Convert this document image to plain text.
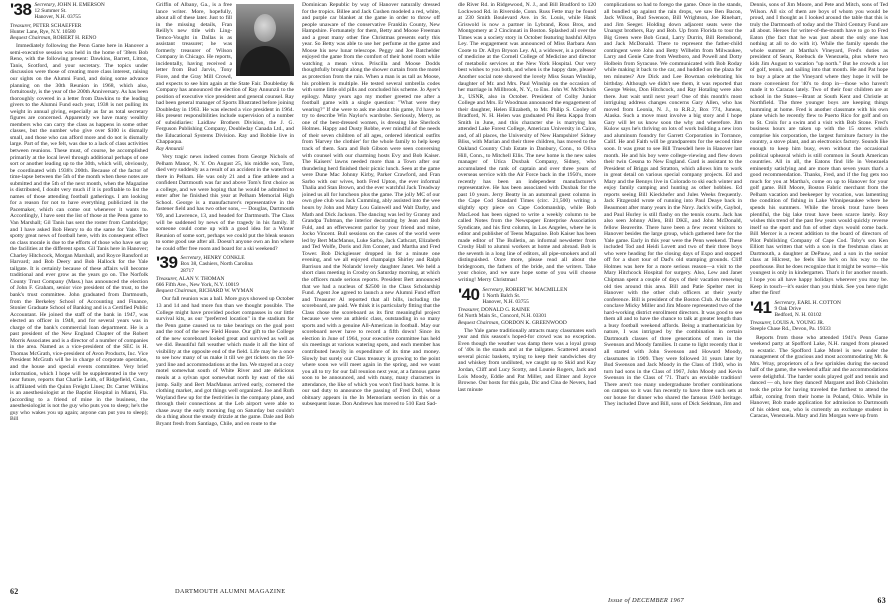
'38 Secretary, JOHN H. EMERSON
12 Summer St.
Hanover, N.H. 03755
Treasurer, PETER SCHAEFFER
Hunter Lane, Rye, N.Y. 10580
Bequest Chairman, ROBERT H. RENO

Immediately following the Penn Game here in Hanover a semi-executive session was held in the home of '38ers Bob Reno, with the following present: Dawkins, Barrett, Litton, Tanis, Scotford, and your secretary. The topics under discussion were those of creating more class interest, raising our sights on the Alumni Fund, and doing some advance planning on the 30th Reunion in 1968, which also, fortuitously, is the year of the 200th Anniversary. As has been thoroughly covered in a letter from Dawkins to the leading givers to the Alumni Fund each year, 1938 is not pulling its weight in annual giving, especially as far as total secretary figures are concerned. Apparently we have many wealthy members who can carry the class as happens in some other classes, but the number who give over $100 is dismally small, and those who can afford more and do not is dismally large. Part of the, we felt, was due to a lack of class activities between reunions. These must, of course, be accomplished primarily at the local level through additional perhaps of one sort or another leading up to the 30th, which will, obviously, be coordinated with 1938's 200th. Because of the factor of time-lapse between the 5th of the month when these notes are submitted and the 5th of the next month, when the Magazine is distributed, I doubt very much if it is profitable to list the names of those attending football gatherings. I am looking for a reason for not to have everything publicized in the Pacemaker, which can come out whenever it wants to. Accordingly, I have sent the list of those at the Penn game to Van Marshall; Gil Tanis has sent the roster from Cambridge; and I have asked Bob Henry to do the same for Yale. The spotty great news of football here, with its consequent effect on class morale is due to the efforts of those who have set up the facilities at the different spots. Gil Tanis here in Hanover; Charley Hitchcock, Morgan Marshall, and Royce Ransford at Harvard; and Bob Deery and Bob Hallock for the Yale tailgate. It is certainly because of these affairs will become traditional and ever grow as the years go on. The Norfolk County Trust Company (Mass.) has announced the election of John F. Graham, senior vice president of the trust, to the bank's trust committee. John graduated from Dartmouth, from the Berkeley School of Accounting and Finance, Stonier Graduate School of Banking and is a Certified Public Accountant. He joined the staff of the bank in 1947, was elected an officer in 1948, and for several years was in charge of the bank's commercial loan department. He is a past president of the New England Chapter of the Robert Morris Associates and is a director of a number of companies in the area. Named as a vice-president of the SEC is H. Thomas McGrath, vice-president of Avon Products, Inc. Vice President McGrath will be in charge of corporate operation, and the house and special events committee. Very brief information, which I hope will be supplemented in the very near future, reports that Charlie Leith, of Ridgefield, Conn., is affiliated with the Quinn Freight Lines; Dr. Carter Wilkins is an anesthesiologist at the Baptist Hospital in Miami, Fla. (according to a friend of mine in the business, the anesthesiologist is not the guy who puts you to sleep; he's the guy who wakes you up again; anyone can put you to sleep); Bill

Griffin of Albany, Ga., is a free lance writer. More, hopefully, about all of these later. Just to fill in the missing details, Fran Reilly's new title with Ling-Temco-Vought in Dallas is as assistant treasurer; he was formerly treasurer of Wilson Company in Chicago. He reports, incidentally, having received a letter from Bud Jarvis, Tony Fiore, and the Gray Mill Crowd, and expects to see him again at the State Fair. Doubleday & Company has announced the election of Ray Annunzii to the position of executive vice president and general counsel. Ray had been general manager of Sports Illustrated before joining Doubleday in 1963. He was elected a vice president in 1964. His present responsibilities include supervision of a number of subsidiaries: Laidlaw Brothers Division, the J. G. Ferguson Publishing Company, Doubleday Canada Ltd., and the Educational Systems Division. Ray and Bobbie live in Chappaqua.

Ray Annunzii

Very tragic news indeed comes from George Nichols of Pelham Manor, N. Y. On August 25, his middle son, Tom, died very suddenly as a result of an accident in the waterfront there in Pelham. He was only 21 and a fine athlete and a confident Dartmouth was far and above Tom's first choice as a college, and we were hoping that he would be admitted to enter after he finished this year at Pelham Memorial High School. George is a manufacturer's representative in the fastener field and has two other sons, — Douglas, Dartmouth '69, and Lawrence, 13, and headed for Dartmouth. The Class will be saddened by news of the tragedy in his family. If someone could come up with a good idea for a Winter Reunion of some sort, perhaps we could put the bleak season to some good use after all. Doesn't anyone own an Inn where he could offer free room and board for a ski weekend?

'39 Secretary, HENRY CONKLE
Box 38, Cashiers, North Carolina
28717
Treasurer, ALAN V. THOMAN
666 Fifth Ave., New York, N.Y. 10019
Bequest Chairman, RICHARD W. WYMAN

Our fall reunion was a ball. More guys showed up October 13 and 14 and had more fun than we thought possible. The College might have provided pocket compasses in our little survival kits, as our "preferred location" in the stadium for the Penn game caused us to take bearings on the goal post and the roof of the new Field House. Our gift to the College of the new scoreboard looked great and survived as well as we did. Beautiful fall weather which made it all the hint of visibility at the opposite end of the field. Life may be a once to see how many of us make it till we get tickets on the 50-yard line and accommodations at the Inn. We stayed at a cozy motel somewhat south of White River and ate delicious meals at a sylvan spot somewhat north by east of the ski jump. Sally and Bert MacManus arrived early, cornered the clothing market, and got things well organized. Joe and Ruth Wayland flew up for the festivities in the company plane, and through their connections at the Leb airport were able to chase away the early morning fog on Saturday but couldn't do a thing about the steady drizzle at the game. Dale and Bob Bryant fresh from Santiago, Chile, and en route to the

Dominican Republic by way of Hanover naturally dressed for the tropics. Billee and Jack Cushen modeled a red, white, and purple car blanket at the game in order to throw off people unaware of the conservative Franklin County, New Hampshire. Fortunately for them, Betty and Moose Freeman and a great many other fine Christmas presents early this year. So Betty was able to use her perfume at the game and Moose his new lunar telescope. Peggy and Joe Batchelder enjoyed the game from the comfort of their hotel room while watching a mean virus. Priscilla and Moose Dodds thoughtfully brought along the shower curtain from the motel as protection from the rain. When a man is as tall as Moose, his problem is multiple. He tested several umbrella codes with some little old pills and concluded his scheme. Jo Ayer's epilogy. Many years ago my mother greeted me after a football game with a single question: "What were they wearing?" If she were to ask me about this game, I'd have to try to describe Win Naylor's wardrobe. Seriously, Merry, as one of the best-dressed women, is dressing like Sherlock Holmes. Happy and Dusty Robbe, ever mindful of the needs of their seven children of all ages, ordered identical outfits from 'Harvey the clothier' for the whole family to help keep track of them. Sara and Bob Gibson were seen conversing with counsel with our charming hosts Evy and Bob Kaiser. The Kaisers' lawns needed more than a Town after our thundering herd finished their picnic lunch. Seen at the game were Dune Mac Johnny Kirby, Parker Crawford, and Fran Sarbo with our wives, both Fred Upton, the ever informal Thalia and Stan Brown, and the ever watchful Jack Treadway joined us all for luncheon plus the game. The jolly MC of our own glee club was Jack Cumming, ably assisted into the wee hours by John and Mary Lou Gainwell and Walt Darby, and Math and Dick Jackson. The dancing was led by Granny and Grandpa Tubman, the interior decorating by Jean and Bob Fuld, and an effervescent parlor by your friend and mine, Jocko Vincent. Bull sessions on the cases of the world were led by Bert MacManus, Luke Sarbo, Jack Cathcart, Elizabeth and Ted Wolfe, Doris and Jim Conner, and Martha and Fred Tower. Bob Dickgiesser dropped in for a minute one evening, and we all enjoyed champaign Shirley and Ralph Barrison and the Nolands' lovely daughter Janet. We held a short class meeting in Crosby on Saturday morning, at which the officers made serious reports. President Bert announced that we had a nucleus of $2500 in the Class Scholarship Fund. Agent Joe agreed to launch a new Alumni Fund effort and Treasurer Al reported that all bills, including the scoreboard, are paid. We think it is particularly fitting that the Class chose the scoreboard as its first meaningful project because we were an athletic class, outstanding in so many sports and with a genuine All-American in football. May our scoreboard never have to record a fifth down! Since its election in June of 1964, your executive committee has held six meetings at various watering spots, and each member has contributed heavily in expenditure of its time and money. Slowly but surely our Class treasury is growing to the point where soon we will meet again in the spring, and we want you all to try for our fall reunion next year, at a famous game soon to be announced, and with many, many characters in attendance, the like of which you won't find back home. It is our sad duty to announce the passing of Fred Doll, whose obituary appears in the In Memoriam section in this or a subsequent issue. Don Andrews has moved to 510 East Sad-

62	DARTMOUTH ALUMNI MAGAZINE

dle River Rd. in Ridgewood, N. J., and Bill Bradford to 120 Lockwood Rd. in Riverside, Conn. Russ Fette may be found at 230 Smith Boulevard Ave. in St. Louis, while Hank Griswold is now a partner in Lybrand, Ross Bros, and Montgomery at 2 Cincinnati in Boston. Splashed all over the Times was a society story in October featuring bashful Allyn Ley. The engagement was announced of Miss Barbara Ann Coote to Dr. Allyn Bryson Ley. Al, a widower, is a professor of medicine at the Cornell College of Medicine and director of metabolic services at the New York Hospital. Our very best wishes to you both, and when is the happy date, please? Another social note showed the lovely Miss Susan Winship, daughter of Mr. and Mrs. Paul Winship on the occasion of her marriage in Millbrook, N. Y., to Ens. John W. McNichols Jr., USNR, also in October. President of Colby Junior College and Mrs. Er Woodman announced the engagement of their daughter, Helen Elizabeth, to Mr. Philip S. Cooley of Bradford, N. H. Helen was graduated Phi Beta Kappa from Smith in June, and this character she is marrying has attended Lake Forest College, American University in Cairo, and, of all places, the University of New Hampshire! Sidney Bliss, with Marian and their three children, has moved to the Oakland Country Club Estate in Danbury, Conn., to Oliva Hill, Conn., to Mitchell Ellis. The new home is the new sales manager of Utica Duxbak Company, Sidney, who accumulated the rank of captain and over three years of overseas service with the Air Force back in the 1950's, more recently has been an independent manufacturer's representative. He has been associated with Duxbak for the past 10 years. Jerry Beatty in an autumnal guest column in the Cape Cod Standard Times (circ. 21,500) writing a slightly spry piece on Cape Codomanship, while Bob MacLeod has been signed to write a weekly column to be called Notes from the Newspaper Enterprise Association Syndicate, and his first column, in Los Angeles, where he is editor and publisher of Teens Magazine. Bob Kaiser has been made editor of The Bulletin, an informal newsletter from Crosby Hall to alumni workers at home and abroad. Bob is the seventh in a long line of editors, all pipe-smokers and all distinguished. Once more, please read all about the bridegroom, the fathers of the bride, and the writers. Take your choice, and we sure hope some of you will choose writing! Merry Christmas!

'40 Secretary, ROBERT W. MACMILLEN
1 North Balch St.
Hanover, N.H. 03755
Treasurer, DONALD G. RAINIE
64 North Main St., Concord, N.H. 03301
Bequest Chairman, GORDON K. GREENWOOD

The Yale game traditionally attracts many classmates each year and this season's hoped-for crowd was no exception. Even though the weather was damp there was a loyal group of '40s in the stands and at the tailgates. Scattered around several picnic baskets, trying to keep their sandwiches dry and whiskey from undiluted, we caught up to Skid and Kay Jordan, Cliff and Lucy Scotty, and Lounie Rogers, Jack and Lois Moody, Eddie and Pat Miller, and Elmer and Joyce Browne. Our hosts for this gala, Dic and Cina de Nevers, had last minute

complications so had to forego the game. Once in the stands, all bundled up against the rain drops, we saw Ben Bacon, Jack Wilson, Bud Swenson, Bill Wrightson, Joe Rinehart, and Jim Seeger. Holding down adjacent seats were the Unangst brothers, Ray and Bob. Up from Florida to tour the Big Green were Bob Graul, Larry Durrin, Bill Remsbond, and Jack McDonald. There to represent the father-child contingent were John and Betty Wilhelm from Milwaukee, Larry and Genie Cate from Westboro, and Powell and Dotty Holbein from Syracuse. We communicated with Bob Roday while making it back to the car, and huddled on the plaza for ten minutes? Are Dick and Lee Bowman celebrating his birthday. Although we didn't see them, it was reported that George Weiss, Don Hitchcock, and Ray Hotaling were also there. Just wait until next year! One of this month's most intriguing address changes concerns Gary Allen, who has moved from Leonia, N. J., to R.R.2, Box 774, Juneau, Alaska. Such a move must involve a big story and I hope Gary will let us know soon the why and wherefore. Jim Kulow says he's thriving on lots of work building a new iron and aluminum foundry for Garrett Corporation in Torrance, Calif. He and Faith will be grandparents for the second time soon. It was great to see Bill Truesdell here in Hanover last month. He and his boy were college-viewing and flew down their twin Cessna to New England. Gard is assistant to the President of Briggs and Stratton, which allows him to work in great detail on various special company projects. Ed and Mary and the Bennys live in Colorado to ski each winter and enjoy family camping and hunting as other hobbies. Ed reports seeing Bill Kieckhefer and Jules Weeks frequently. Jack Fitzgerald wrote of running into Paul Deaye back in Beaumont after many years in the Navy. Jack's wife, Gaybol, and Paul Hurley is still flashy on the tennis courts. Jack has also seen Johnny Allen, Bill DKE, and John McDonald, fellow Beaverite. There have been a few recent visitors to Hanover besides the large group, which gathered here for the Yale game. Early in this year were the Penn weekend. These included Tod and Heidi Lovett and two of their three boys who were heading for the closing days of Expo and stopped off for a short tour of Dad's old stamping grounds. Cliff Holmes was here for a more serious reason—a visit to the Mary Hitchcock Hospital for surgery. Also, Lew and Janet Chipman spent a couple of days of their vacation renewing old ties around this area. Bill and Patie Spelter met in Hanover with the other club officers at their yearly conference. Bill is president of the Boston Club. At the same conclave Micky Miller and Jim Moore represented two of the hard-working district enrollment directors. It was good to see them all and to have the chance to talk at greater length than a busy football weekend affords. Being a mathematician by nature, I was intrigued by the combination in certain Dartmouth classes of three generations of men in the Swenson and Moody families. It came to light recently that it all started with John Swenson and Howard Moody, classmates in 1909. They were followed 31 years later by Bud Swenson and Jack Moody in the Class of 1940, who in turn had sons in the Class of 1967, John Moody and Kevin Swenson in the Class of '71. That's an enviable tradition! There aren't too many undergraduate brother combinations on campus so it was fun recently to have three such sets at our house for dinner who shared the famous 1940 heritage. They included Dave and Bill, sons of Dick Seidman, Jim and

Dennis, sons of Jim Moore, and Pete and Mitch, sons of Ted Wilson. All six of them are boys of whom you would be proud, and I thought as I looked around the table that this is truly the Dartmouth of today and the Third Century Fund are all about. Heroes for writer-of-the-month have to go to Fred Eaton (the fact that he was just about the only one has nothing at all to do with it). While the family spends the whole summer at Martha's Vineyard, Fred's duties as president of Sears, Roebuck de Venezuela, plus where two kids Jim August to vacation "up north." But he crowds a lot of golf, tennis, and sailing into that month. He and Pat hope to buy a place at the Vineyard where they hope it will be more convenient for '40's to drop in—those who haven't made it to Caracas lately. Two of their four children are at school in the States—Brant at South Kent and Christie at Northfield. The three younger boys are keeping things humming at home. Fred is another classmate with his own plane which he recently flew to Puerto Rico for golf and on to St. Croix for a swim and a visit with Bob Stone. Fred's business hours are taken up with the 15 stores which comprise his corporation, the largest furniture factory in the country, a stove plant, and an electronics factory. Sounds like enough to keep him busy, even without the occasional political upheaval which is still common in South American countries. All in all, the Eatons find life in Venezuela eminently satisfying and are more than seven years that's a good recommendation. Thanks, Fred, and if the fog gets too much for you at Martha's, come on up to Hanover for your golf game. Bill Moore, Boston Fabric merchant from the Pelham vacation and beekeeper by vocation, was lamenting the condition of fishing in Lake Winnipesaukee where he spends his summers. While the brook trout have been plentiful, the big lake trout have been scarce lately. Roy wishes this trend of the past few years would quickly reverse itself so the sport and fun of other days would come back. Bill Mercer is a recent addition to the board of directors of Pilot Publishing Company of Cape Cod. Toby's son Ken Elliott has written that with a son in the freshman class at Dartmouth, a daughter at DePauw, and a son in the senior class at Hilcrest, he feels like he's on his way to the poorhouse. But he does recognize that it might be worse—his youngest is only in kindergarten. That's it for another month. I hope you all have happy holidays wherever you may be. Keep in touch—it's easier than you think. See you here right after the first!

'41 Secretary, EARL H. COTTON
9 Oak Drive
Bedford, N. H. 03102
Treasurer, LOUIS A. YOUNG JR.
Steeple Chase Rd., Devon, Pa. 19333

Reports from those who attended 1941's Penn Game weekend party at Spofford Lake, N.H. ranged from pleased to ecstatic. The Spofford Lake Motel is new under the management of the gracious and most accommodating Mr. & Mrs. Wray, proprietors of a few sprinkles during the second half of the game, the weekend affair and the accommodations were delightful. The harder souls played golf and tennis and danced — oh, how they danced! Margaret and Bob Chisholm took the prize for having traveled the furthest to attend the affair, coming from their home in Poland, Ohio. While in Hanover, Bob made application for admission to Dartmouth of his oldest son, who is currently an exchange student in Caracas, Venezuela. Mary and Jim Morgan were up from

Issue of DECEMBER 1967	63
